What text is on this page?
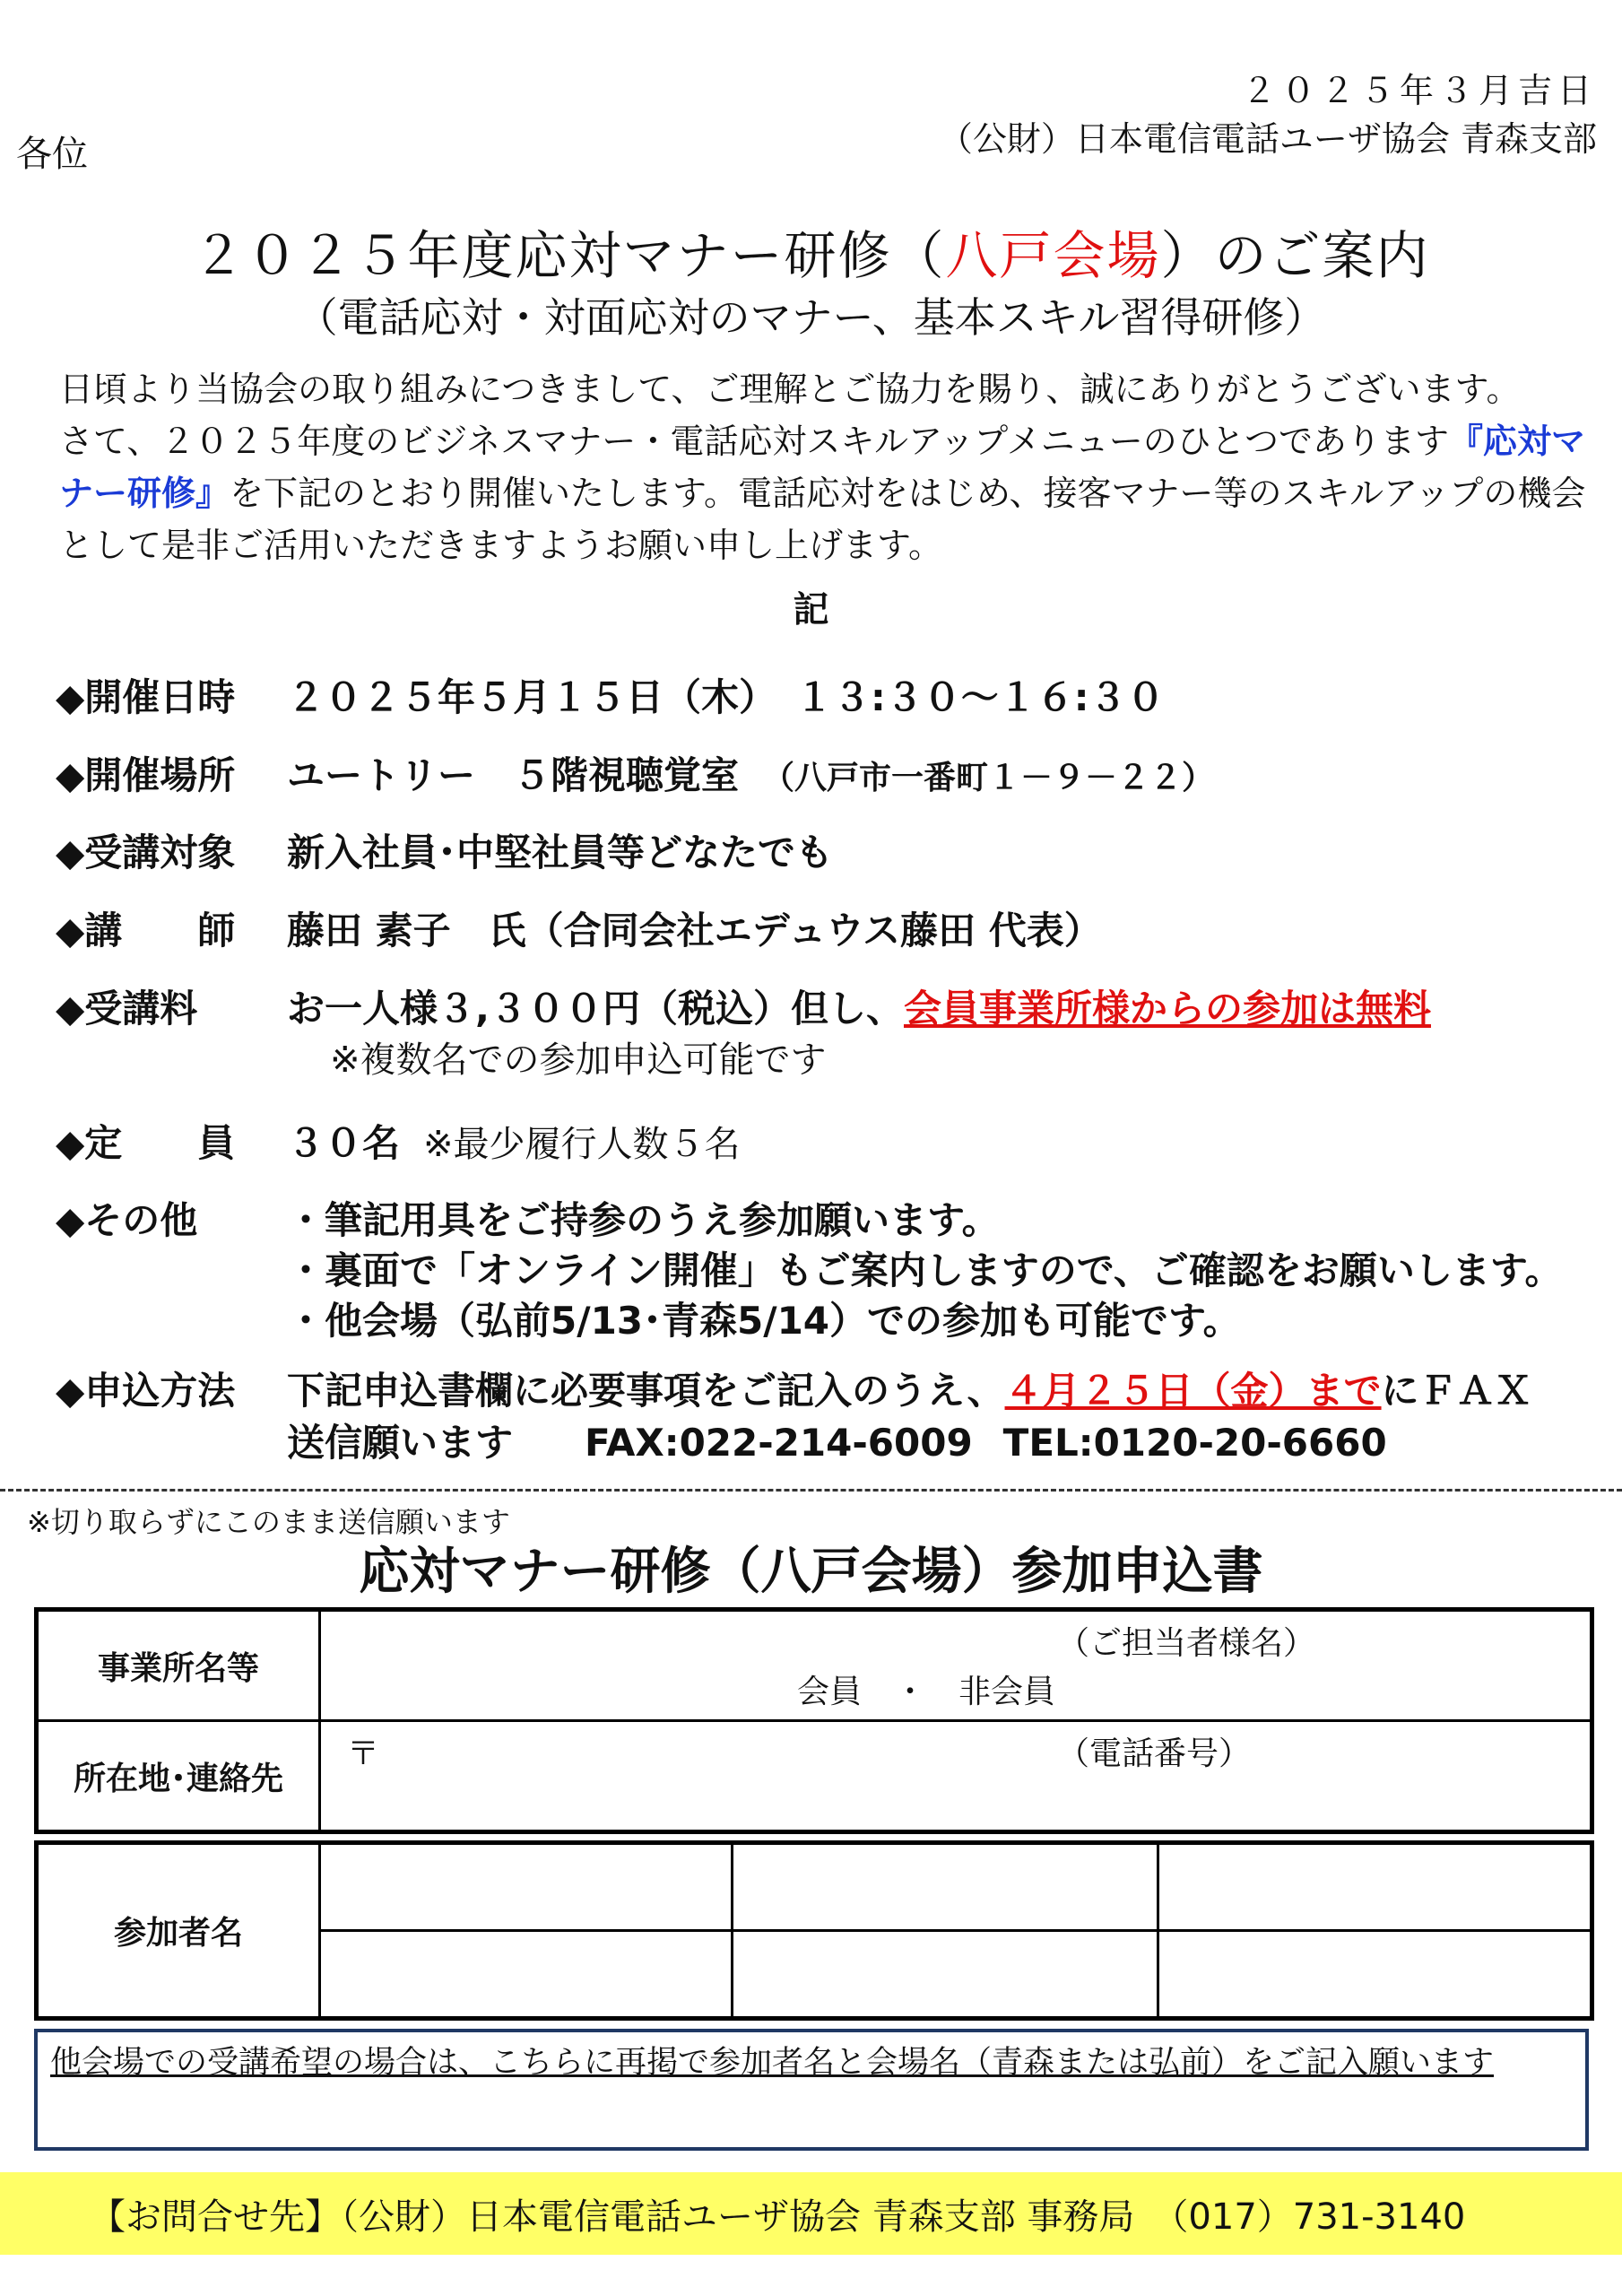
２０２５年３月吉日
（公財）日本電信電話ユーザ協会 青森支部
各位
２０２５年度応対マナー研修（八戸会場）のご案内
（電話応対・対面応対のマナー、基本スキル習得研修）

日頃より当協会の取り組みにつきまして、ご理解とご協力を賜り、誠にありがとうございます。

さて、２０２５年度のビジネスマナー・電話応対スキルアップメニューのひとつであります『応対マナー研修』を下記のとおり開催いたします。電話応対をはじめ、接客マナー等のスキルアップの機会として是非ご活用いただきますようお願い申し上げます。

記
◆開催日時 ２０２５年５月１５日（木）　１３:３０～１６:３０
◆開催場所 ユートリー　５階視聴覚室 （八戸市一番町１－９－２２）
◆受講対象 新入社員･中堅社員等どなたでも
◆講　　師 藤田 素子　氏（合同会社エデュウス藤田 代表）
◆受講料 お一人様３,３００円（税込）但し、会員事業所様からの参加は無料
※複数名での参加申込可能です
◆定　　員 ３０名 ※最少履行人数５名
◆その他 ・筆記用具をご持参のうえ参加願います。
・裏面で「オンライン開催」もご案内しますので、ご確認をお願いします。
・他会場（弘前5/13･青森5/14）での参加も可能です。
◆申込方法 下記申込書欄に必要事項をご記入のうえ、４月２５日（金）までにＦＡＸ
送信願います FAX:022-214-6009 TEL:0120-20-6660
※切り取らずにこのまま送信願います
応対マナー研修（八戸会場）参加申込書
事業所名等	（ご担当者様名）
会員　・　非会員

所在地･連絡先	〒 （電話番号）
参加者名			

他会場での受講希望の場合は、こちらに再掲で参加者名と会場名（青森または弘前）をご記入願います
【お問合せ先】（公財）日本電信電話ユーザ協会 青森支部 事務局　（017）731-3140
